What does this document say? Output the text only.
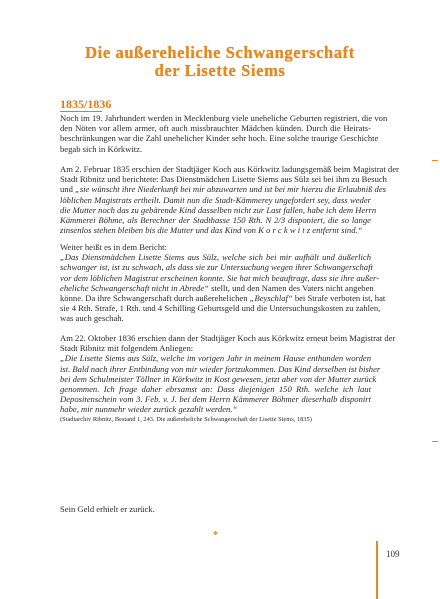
Die außereheliche Schwangerschaft
der Lisette Siems
1835/1836
Noch im 19. Jahrhundert werden in Mecklenburg viele uneheliche Geburten registriert, die von
den Nöten vor allem armer, oft auch missbrauchter Mädchen künden. Durch die Heirats-
beschränkungen war die Zahl unehelicher Kinder sehr hoch. Eine solche traurige Geschichte
begab sich in Körkwitz.
Am 2. Februar 1835 erschien der Stadtjäger Koch aus Körkwitz ladungsgemäß beim Magistrat der
Stadt Ribnitz und berichtete: Das Dienstmädchen Lisette Siems aus Sülz sei bei ihm zu Besuch
und „sie wünscht ihre Niederkunft bei mir abzuwarten und ist bei mir hierzu die Erlaubniß des
löblichen Magistrats ertheilt. Damit nun die Stadt-Kämmerey ungefordert sey, dass weder
die Mutter noch das zu gebärende Kind dasselben nicht zur Last fallen, habe ich dem Herrn
Kämmerei Böhme, als Berechner der Stadthasse 150 Rth. N 2/3 disponiert, die so lange
zinsenlos stehen bleiben bis die Mutter und das Kind von K o r c k w i t z entfernt sind.“
Weiter heißt es in dem Bericht:
„Das Dienstmädchen Lisette Siems aus Sülz, welche sich bei mir aufhält und äußerlich
schwanger ist, ist zu schwach, als dass sie zur Untersuchung wegen ihrer Schwangerschaft
vor dem löblichen Magistrat erscheinen konnte. Sie hat mich beauftragt, dass sie ihre außer-
eheliche Schwangerschaft nicht in Abrede“ stellt, und den Namen des Vaters nicht angeben
könne. Da ihre Schwangerschaft durch außerehelichen „Beyschlaf“ bei Strafe verboten ist, hat
sie 4 Rth. Strafe, 1 Rth. und 4 Schilling Geburtsgeld und die Untersuchungskosten zu zahlen,
was auch geschah.
Am 22. Oktober 1836 erschien dann der Stadtjäger Koch aus Körkwitz erneut beim Magistrat der
Stadt Ribnitz mit folgendem Anliegen:
„Die Lisette Siems aus Sülz, welche im vorigen Jahr in meinem Hause enthunden worden
ist. Bald nach ihrer Entbindung von mir wieder fortzukommen. Das Kind derselben ist bisher
bei dem Schulmeister Töllner in Körkwitz in Kost gewesen, jetzt aber von der Mutter zurück
genommen. Ich frage daher ebrsamst an: Dass diejenigen 150 Rth. welche ich laut
Depositenschein vom 3. Feb. v. J. bei dem Herrn Kämmerer Böhmer dieserhalb disponirt
habe, mir nunmehr wieder zurück gezahlt werden.“
(Stadtarchiv Ribnitz, Bestand 1, 243. Die außereheliche Schwangerschaft der Lisette Siems, 1835)
Sein Geld erhielt er zurück.
*
109
